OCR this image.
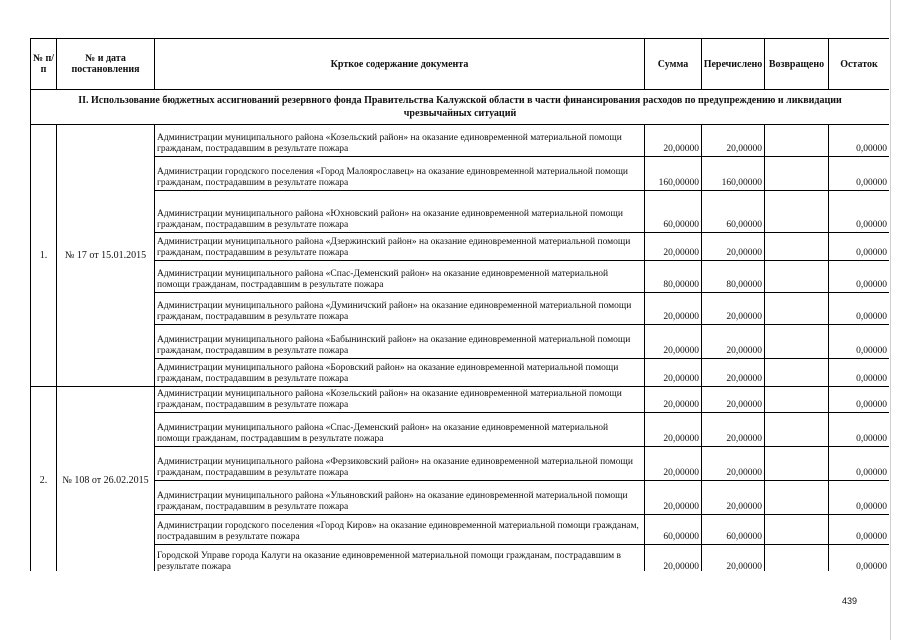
№ п/п	№ и дата постановления	Крткое содержание документа	Сумма	Перечислено	Возвращено	Остаток
II. Использование бюджетных ассигнований резервного фонда Правительства Калужской области в части финансирования расходов по предупреждению и ликвидации чрезвычайных ситуаций						
1.	№ 17 от 15.01.2015	Администрации муниципального района «Козельский район» на оказание единовременной материальной помощи гражданам, пострадавшим в результате пожара	20,00000	20,00000		0,00000
		Администрации городского поселения «Город Малоярославец» на оказание единовременной материальной помощи гражданам, пострадавшим в результате пожара	160,00000	160,00000		0,00000
		Администрации муниципального района «Юхновский район» на оказание единовременной материальной помощи гражданам, пострадавшим в результате пожара	60,00000	60,00000		0,00000
		Администрации муниципального района «Дзержинский район» на оказание единовременной материальной помощи гражданам, пострадавшим в результате пожара	20,00000	20,00000		0,00000
		Администрации муниципального района «Спас-Деменский район» на оказание единовременной материальной помощи гражданам, пострадавшим в результате пожара	80,00000	80,00000		0,00000
		Администрации муниципального района «Думиничский район» на оказание единовременной материальной помощи гражданам, пострадавшим в результате пожара	20,00000	20,00000		0,00000
		Администрации муниципального района «Бабынинский район» на оказание единовременной материальной помощи гражданам, пострадавшим в результате пожара	20,00000	20,00000		0,00000
		Администрации муниципального района «Боровский район» на оказание единовременной материальной помощи гражданам, пострадавшим в результате пожара	20,00000	20,00000		0,00000
2.	№ 108 от 26.02.2015	Администрации муниципального района «Козельский район» на оказание единовременной материальной помощи гражданам, пострадавшим в результате пожара	20,00000	20,00000		0,00000
		Администрации муниципального района «Спас-Деменский район» на оказание единовременной материальной помощи гражданам, пострадавшим в результате пожара	20,00000	20,00000		0,00000
		Администрации муниципального района «Ферзиковский район» на оказание единовременной материальной помощи гражданам, пострадавшим в результате пожара	20,00000	20,00000		0,00000
		Администрации муниципального района «Ульяновский район» на оказание единовременной материальной помощи гражданам, пострадавшим в результате пожара	20,00000	20,00000		0,00000
		Администрации городского поселения «Город Киров» на оказание единовременной материальной помощи гражданам, пострадавшим в результате пожара	60,00000	60,00000		0,00000
		Городской Управе города Калуги на оказание единовременной материальной помощи гражданам, пострадавшим в результате пожара	20,00000	20,00000		0,00000
439
